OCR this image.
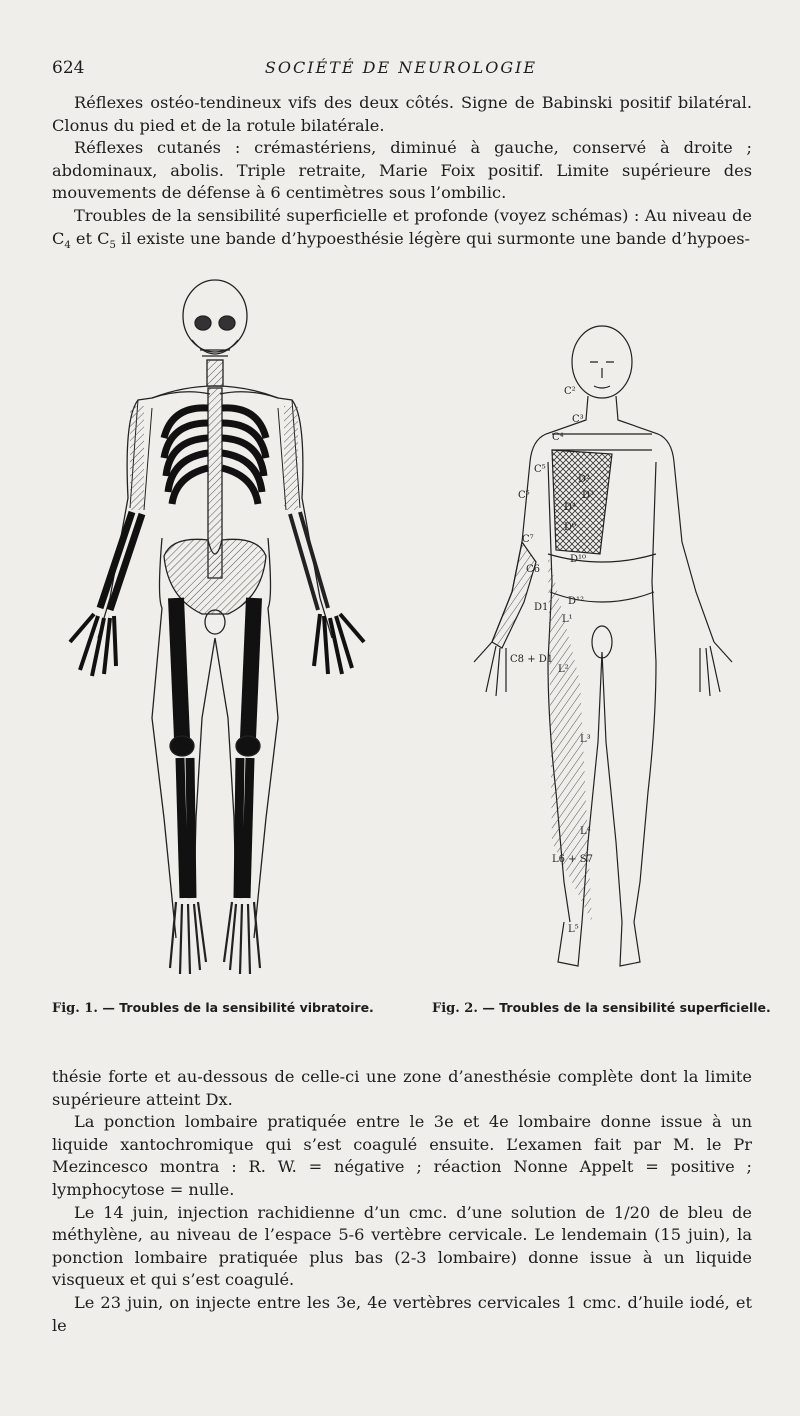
624	SOCIÉTÉ DE NEUROLOGIE

Réflexes ostéo-tendineux vifs des deux côtés. Signe de Babinski positif bilatéral. Clonus du pied et de la rotule bilatérale.

Réflexes cutanés : crémastériens, diminué à gauche, conservé à droite ; abdominaux, abolis. Triple retraite, Marie Foix positif. Limite supérieure des mouvements de défense à 6 centimètres sous l’ombilic.

Troubles de la sensibilité superficielle et profonde (voyez schémas) : Au niveau de $C_4$ et $C_5$ il existe une bande d’hypoesthésie légère qui surmonte une bande d’hypoes-

C²
C³
C⁴
C⁵
D²
D³
D⁴
D⁶
D¹⁰
D¹²
C⁵
C⁷
C6
C8 + D1
D1
L¹
L²
L³
L⁴
L⁵
L6 + S7
Fig. 1. — Troubles de la sensibilité vibratoire.	Fig. 2. — Troubles de la sensibilité superficielle.

thésie forte et au-dessous de celle-ci une zone d’anesthésie complète dont la limite supérieure atteint Dx.

La ponction lombaire pratiquée entre le 3e et 4e lombaire donne issue à un liquide xantochromique qui s’est coagulé ensuite. L’examen fait par M. le Pr Mezincesco montra : R. W. = négative ; réaction Nonne Appelt = positive ; lymphocytose = nulle.

Le 14 juin, injection rachidienne d’un cmc. d’une solution de 1/20 de bleu de méthylène, au niveau de l’espace 5-6 vertèbre cervicale. Le lendemain (15 juin), la ponction lombaire pratiquée plus bas (2-3 lombaire) donne issue à un liquide visqueux et qui s’est coagulé.

Le 23 juin, on injecte entre les 3e, 4e vertèbres cervicales 1 cmc. d’huile iodé, et le
